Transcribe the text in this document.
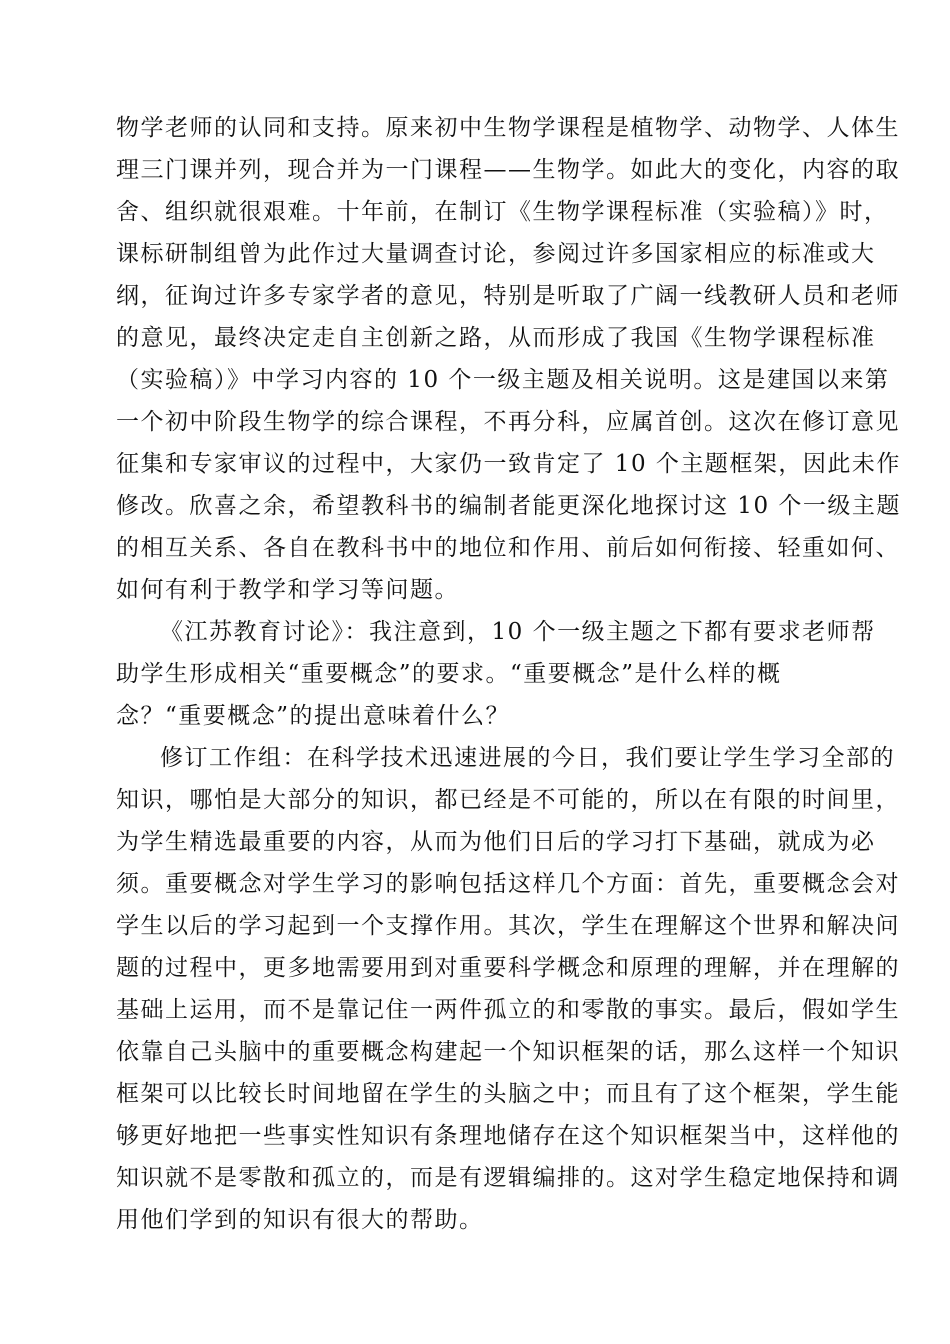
物学老师的认同和支持。原来初中生物学课程是植物学、动物学、人体生
理三门课并列，现合并为一门课程——生物学。如此大的变化，内容的取
舍、组织就很艰难。十年前，在制订《生物学课程标准（实验稿）》时，
课标研制组曾为此作过大量调查讨论，参阅过许多国家相应的标准或大
纲，征询过许多专家学者的意见，特别是听取了广阔一线教研人员和老师
的意见，最终决定走自主创新之路，从而形成了我国《生物学课程标准
（实验稿）》中学习内容的 10 个一级主题及相关说明。这是建国以来第
一个初中阶段生物学的综合课程，不再分科，应属首创。这次在修订意见
征集和专家审议的过程中，大家仍一致肯定了 10 个主题框架，因此未作
修改。欣喜之余，希望教科书的编制者能更深化地探讨这 10 个一级主题
的相互关系、各自在教科书中的地位和作用、前后如何衔接、轻重如何、
如何有利于教学和学习等问题。
《江苏教育讨论》：我注意到，10 个一级主题之下都有要求老师帮
助学生形成相关“重要概念”的要求。“重要概念”是什么样的概
念？“重要概念”的提出意味着什么？
修订工作组：在科学技术迅速进展的今日，我们要让学生学习全部的
知识，哪怕是大部分的知识，都已经是不可能的，所以在有限的时间里，
为学生精选最重要的内容，从而为他们日后的学习打下基础，就成为必
须。重要概念对学生学习的影响包括这样几个方面：首先，重要概念会对
学生以后的学习起到一个支撑作用。其次，学生在理解这个世界和解决问
题的过程中，更多地需要用到对重要科学概念和原理的理解，并在理解的
基础上运用，而不是靠记住一两件孤立的和零散的事实。最后，假如学生
依靠自己头脑中的重要概念构建起一个知识框架的话，那么这样一个知识
框架可以比较长时间地留在学生的头脑之中；而且有了这个框架，学生能
够更好地把一些事实性知识有条理地储存在这个知识框架当中，这样他的
知识就不是零散和孤立的，而是有逻辑编排的。这对学生稳定地保持和调
用他们学到的知识有很大的帮助。
